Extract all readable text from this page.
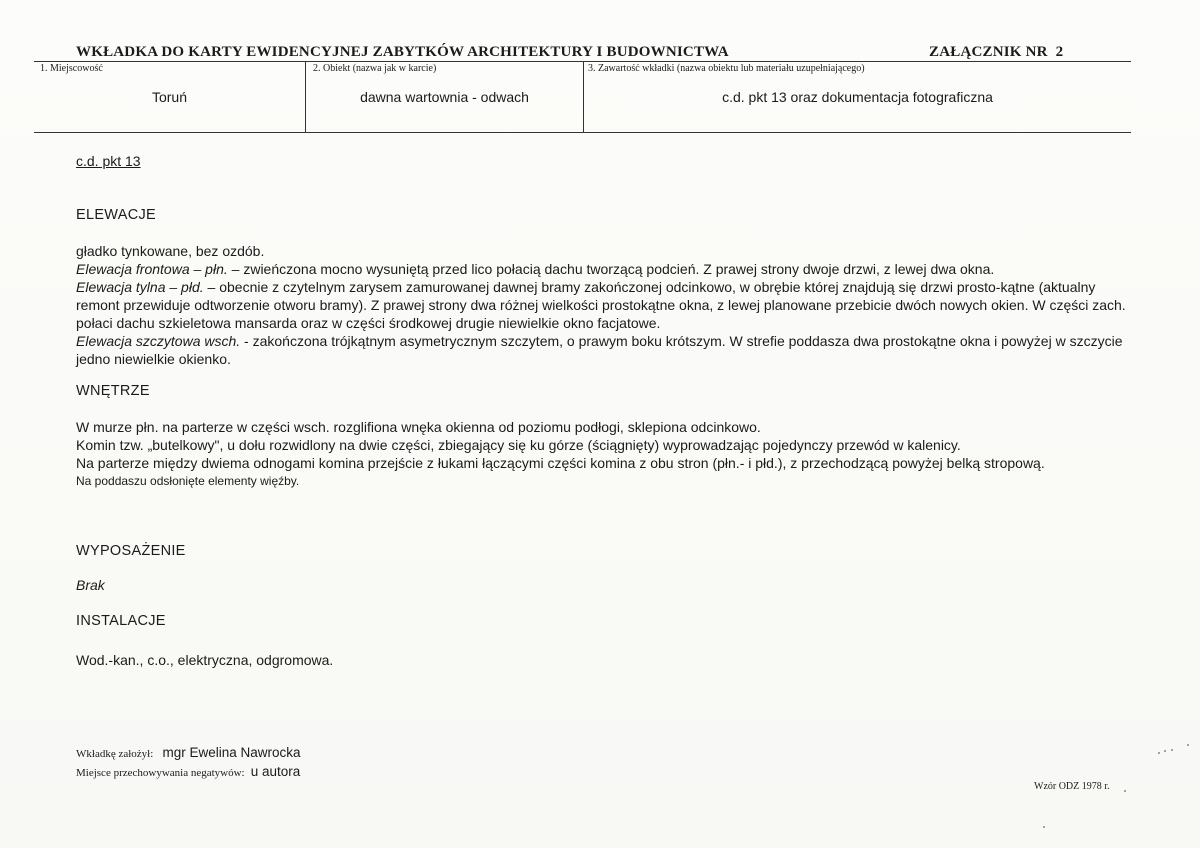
WKŁADKA DO KARTY EWIDENCYJNEJ ZABYTKÓW ARCHITEKTURY I BUDOWNICTWA	ZAŁĄCZNIK NR 2
1. Miejscowość	2. Obiekt (nazwa jak w karcie)	3. Zawartość wkładki (nazwa obiektu lub materiału uzupełniającego)
Toruń	dawna wartownia - odwach	c.d. pkt 13 oraz dokumentacja fotograficzna
c.d. pkt 13
ELEWACJE

gładko tynkowane, bez ozdób.

Elewacja frontowa – płn. – zwieńczona mocno wysuniętą przed lico połacią dachu tworzącą podcień. Z prawej strony dwoje drzwi, z lewej dwa okna.

Elewacja tylna – płd. – obecnie z czytelnym zarysem zamurowanej dawnej bramy zakończonej odcinkowo, w obrębie której znajdują się drzwi prosto-kątne (aktualny remont przewiduje odtworzenie otworu bramy). Z prawej strony dwa różnej wielkości prostokątne okna, z lewej planowane przebicie dwóch nowych okien. W części zach. połaci dachu szkieletowa mansarda oraz w części środkowej drugie niewielkie okno facjatowe.

Elewacja szczytowa wsch. - zakończona trójkątnym asymetrycznym szczytem, o prawym boku krótszym. W strefie poddasza dwa prostokątne okna i powyżej w szczycie jedno niewielkie okienko.

WNĘTRZE

W murze płn. na parterze w części wsch. rozglifiona wnęka okienna od poziomu podłogi, sklepiona odcinkowo.

Komin tzw. „butelkowy", u dołu rozwidlony na dwie części, zbiegający się ku górze (ściągnięty) wyprowadzając pojedynczy przewód w kalenicy.

Na parterze między dwiema odnogami komina przejście z łukami łączącymi części komina z obu stron (płn.- i płd.), z przechodzącą powyżej belką stropową.

Na poddaszu odsłonięte elementy więźby.

WYPOSAŻENIE
Brak
INSTALACJE
Wod.-kan., c.o., elektryczna, odgromowa.
Wkładkę założył: mgr Ewelina Nawrocka
Miejsce przechowywania negatywów: u autora
Wzór ODZ 1978 r.
